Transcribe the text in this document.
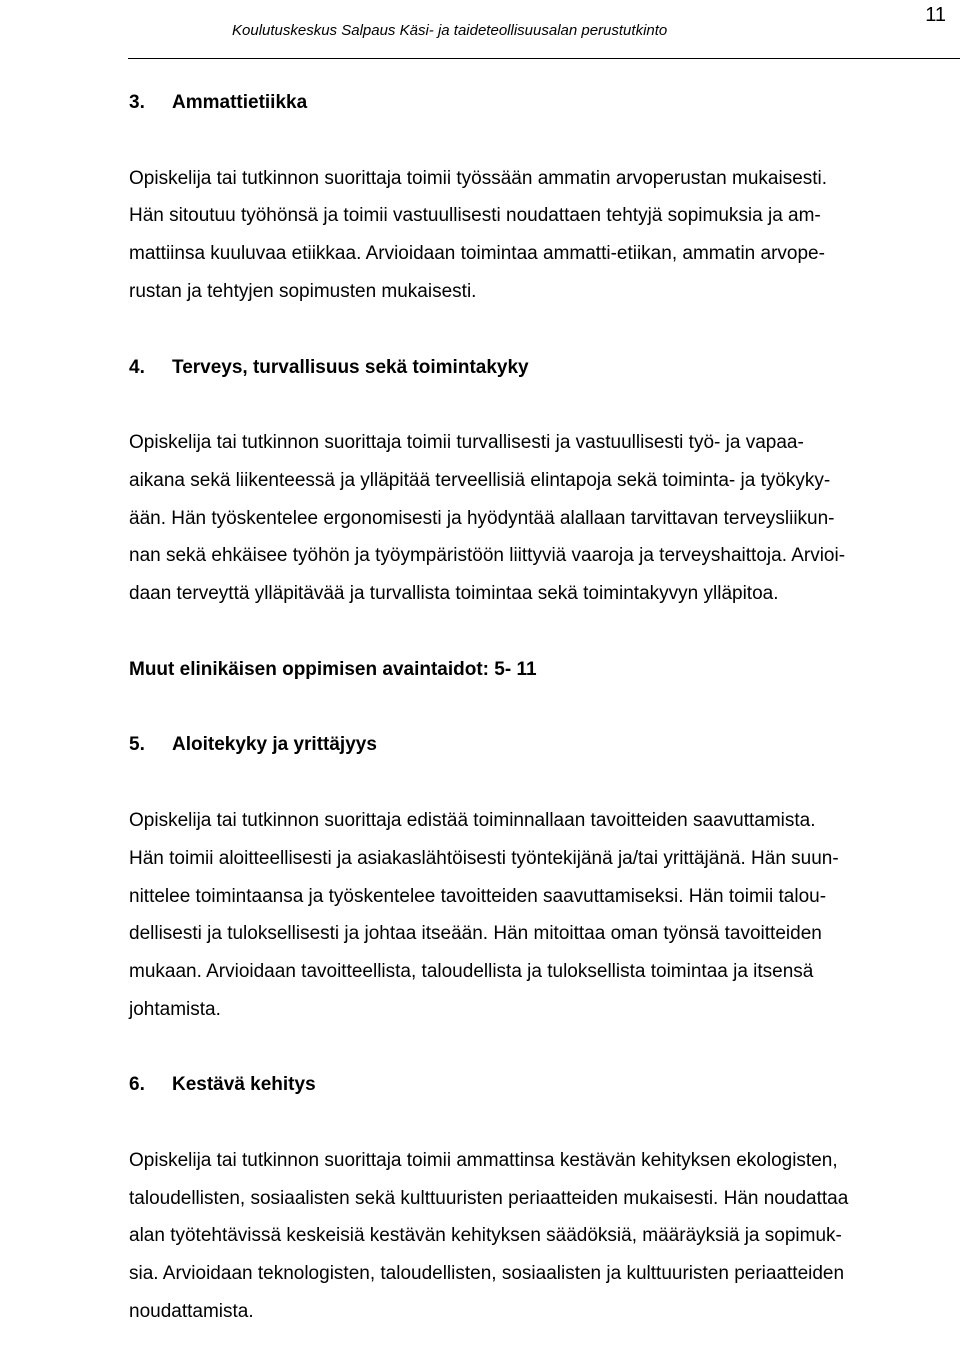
11
Koulutuskeskus Salpaus Käsi- ja taideteollisuusalan perustutkinto
3. Ammattietiikka

Opiskelija tai tutkinnon suorittaja toimii työssään ammatin arvoperustan mukaisesti.
Hän sitoutuu työhönsä ja toimii vastuullisesti noudattaen tehtyjä sopimuksia ja am-
mattiinsa kuuluvaa etiikkaa. Arvioidaan toimintaa ammatti-etiikan, ammatin arvope-
rustan ja tehtyjen sopimusten mukaisesti.

4. Terveys, turvallisuus sekä toimintakyky

Opiskelija tai tutkinnon suorittaja toimii turvallisesti ja vastuullisesti työ- ja vapaa-
aikana sekä liikenteessä ja ylläpitää terveellisiä elintapoja sekä toiminta- ja työkyky-
ään. Hän työskentelee ergonomisesti ja hyödyntää alallaan tarvittavan terveysliikun-
nan sekä ehkäisee työhön ja työympäristöön liittyviä vaaroja ja terveyshaittoja. Arvioi-
daan terveyttä ylläpitävää ja turvallista toimintaa sekä toimintakyvyn ylläpitoa.

Muut elinikäisen oppimisen avaintaidot: 5- 11
5. Aloitekyky ja yrittäjyys

Opiskelija tai tutkinnon suorittaja edistää toiminnallaan tavoitteiden saavuttamista.
Hän toimii aloitteellisesti ja asiakaslähtöisesti työntekijänä ja/tai yrittäjänä. Hän suun-
nittelee toimintaansa ja työskentelee tavoitteiden saavuttamiseksi. Hän toimii talou-
dellisesti ja tuloksellisesti ja johtaa itseään. Hän mitoittaa oman työnsä tavoitteiden
mukaan. Arvioidaan tavoitteellista, taloudellista ja tuloksellista toimintaa ja itsensä
johtamista.

6. Kestävä kehitys

Opiskelija tai tutkinnon suorittaja toimii ammattinsa kestävän kehityksen ekologisten,
taloudellisten, sosiaalisten sekä kulttuuristen periaatteiden mukaisesti. Hän noudattaa
alan työtehtävissä keskeisiä kestävän kehityksen säädöksiä, määräyksiä ja sopimuk-
sia. Arvioidaan teknologisten, taloudellisten, sosiaalisten ja kulttuuristen periaatteiden
noudattamista.
